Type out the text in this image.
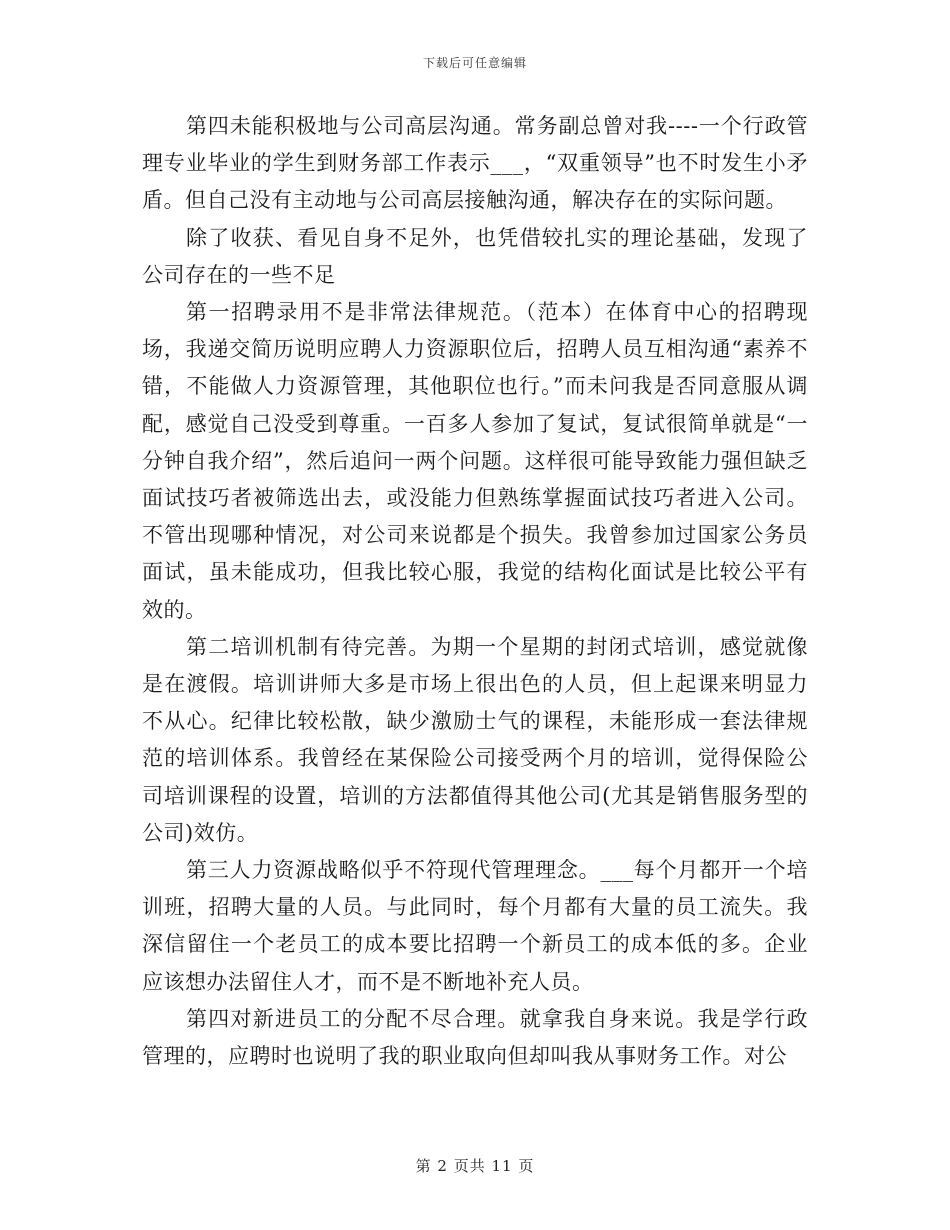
下载后可任意编辑

第四未能积极地与公司高层沟通。常务副总曾对我----一个行政管理专业毕业的学生到财务部工作表示___，“双重领导”也不时发生小矛盾。但自己没有主动地与公司高层接触沟通，解决存在的实际问题。

除了收获、看见自身不足外，也凭借较扎实的理论基础，发现了公司存在的一些不足

第一招聘录用不是非常法律规范。（范本）在体育中心的招聘现场，我递交简历说明应聘人力资源职位后，招聘人员互相沟通“素养不错，不能做人力资源管理，其他职位也行。”而未问我是否同意服从调配，感觉自己没受到尊重。一百多人参加了复试，复试很简单就是“一分钟自我介绍”，然后追问一两个问题。这样很可能导致能力强但缺乏面试技巧者被筛选出去，或没能力但熟练掌握面试技巧者进入公司。不管出现哪种情况，对公司来说都是个损失。我曾参加过国家公务员面试，虽未能成功，但我比较心服，我觉的结构化面试是比较公平有效的。

第二培训机制有待完善。为期一个星期的封闭式培训，感觉就像是在渡假。培训讲师大多是市场上很出色的人员，但上起课来明显力不从心。纪律比较松散，缺少激励士气的课程，未能形成一套法律规范的培训体系。我曾经在某保险公司接受两个月的培训，觉得保险公司培训课程的设置，培训的方法都值得其他公司(尤其是销售服务型的公司)效仿。

第三人力资源战略似乎不符现代管理理念。___每个月都开一个培训班，招聘大量的人员。与此同时，每个月都有大量的员工流失。我深信留住一个老员工的成本要比招聘一个新员工的成本低的多。企业应该想办法留住人才，而不是不断地补充人员。

第四对新进员工的分配不尽合理。就拿我自身来说。我是学行政管理的，应聘时也说明了我的职业取向但却叫我从事财务工作。对公

第 2 页共 11 页
